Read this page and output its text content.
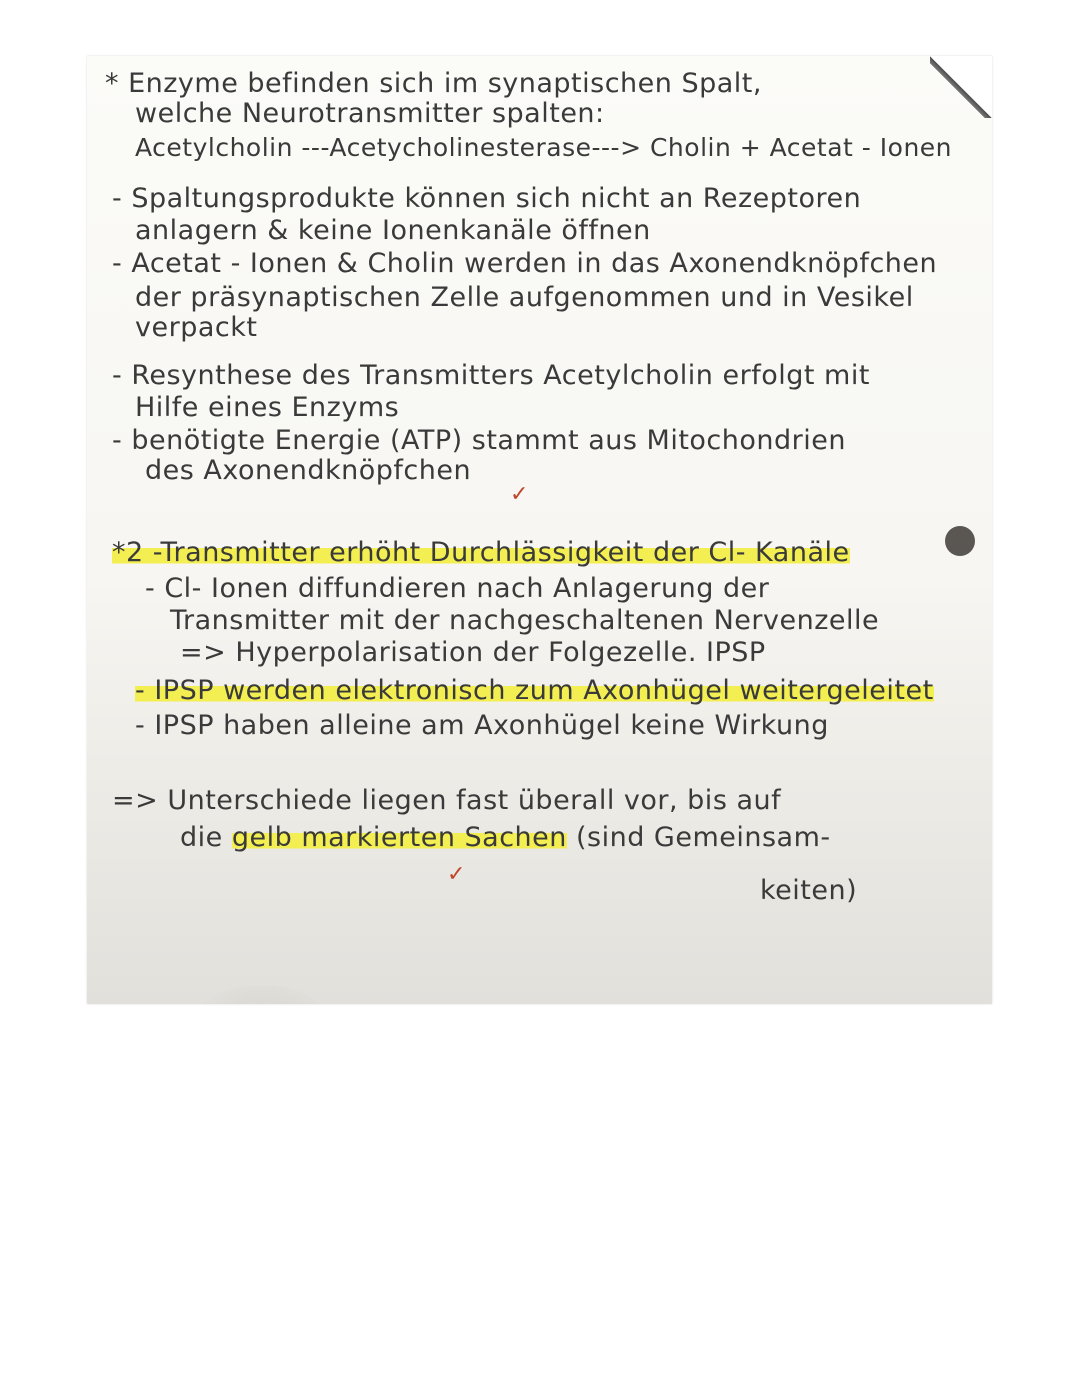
* Enzyme befinden sich im synaptischen Spalt,
welche Neurotransmitter spalten:
Acetylcholin ---Acetycholinesterase---> Cholin + Acetat - Ionen
- Spaltungsprodukte können sich nicht an Rezeptoren
anlagern & keine Ionenkanäle öffnen
- Acetat - Ionen & Cholin werden in das Axonendknöpfchen
der präsynaptischen Zelle aufgenommen und in Vesikel
verpackt
- Resynthese des Transmitters Acetylcholin erfolgt mit
Hilfe eines Enzyms
- benötigte Energie (ATP) stammt aus Mitochondrien
des Axonendknöpfchen
✓
*2 -Transmitter erhöht Durchlässigkeit der Cl- Kanäle
- Cl- Ionen diffundieren nach Anlagerung der
Transmitter mit der nachgeschaltenen Nervenzelle
=> Hyperpolarisation der Folgezelle. IPSP
- IPSP werden elektronisch zum Axonhügel weitergeleitet
- IPSP haben alleine am Axonhügel keine Wirkung
=> Unterschiede liegen fast überall vor, bis auf
die gelb markierten Sachen (sind Gemeinsam-
keiten)
✓
